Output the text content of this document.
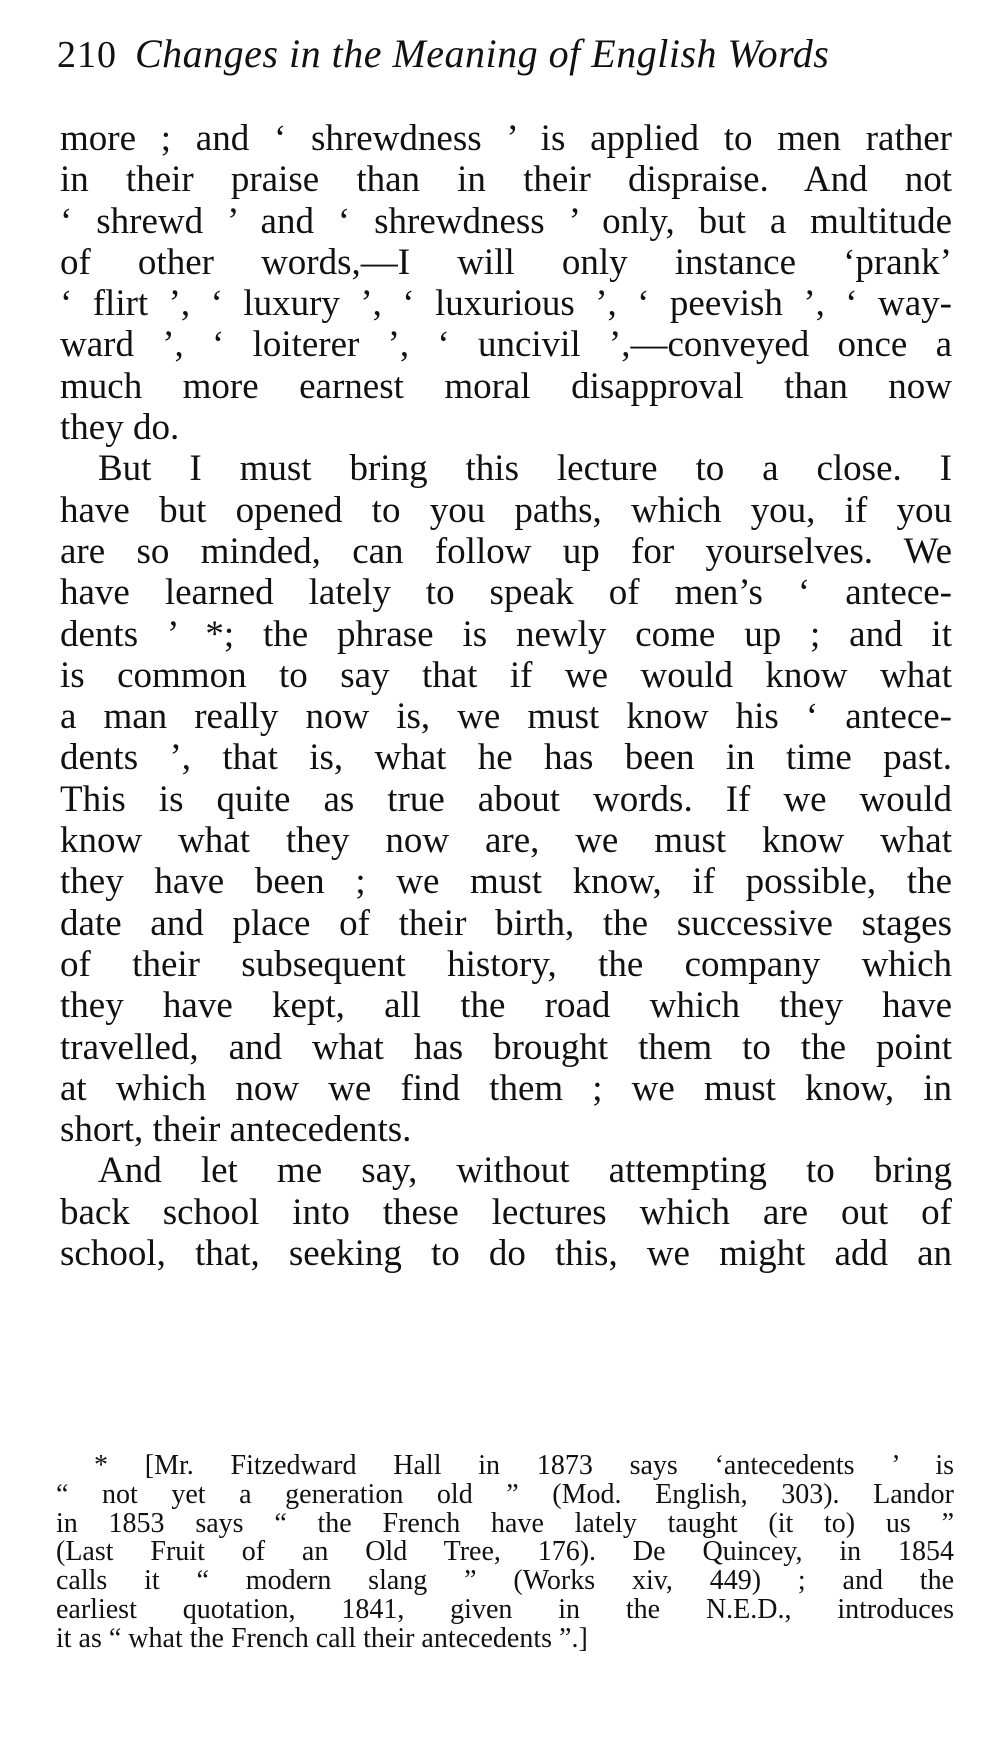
210 Changes in the Meaning of English Words
more ; and ‘ shrewdness ’ is applied to men rather
in their praise than in their dispraise. And not
‘ shrewd ’ and ‘ shrewdness ’ only, but a multitude
of other words,—I will only instance ‘prank’
‘ flirt ’, ‘ luxury ’, ‘ luxurious ’, ‘ peevish ’, ‘ way-
ward ’, ‘ loiterer ’, ‘ uncivil ’,—conveyed once a
much more earnest moral disapproval than now
they do.
But I must bring this lecture to a close. I
have but opened to you paths, which you, if you
are so minded, can follow up for yourselves. We
have learned lately to speak of men’s ‘ antece-
dents ’ *; the phrase is newly come up ; and it
is common to say that if we would know what
a man really now is, we must know his ‘ antece-
dents ’, that is, what he has been in time past.
This is quite as true about words. If we would
know what they now are, we must know what
they have been ; we must know, if possible, the
date and place of their birth, the successive stages
of their subsequent history, the company which
they have kept, all the road which they have
travelled, and what has brought them to the point
at which now we find them ; we must know, in
short, their antecedents.
And let me say, without attempting to bring
back school into these lectures which are out of
school, that, seeking to do this, we might add an
* [Mr. Fitzedward Hall in 1873 says ‘antecedents ’ is
“ not yet a generation old ” (Mod. English, 303). Landor
in 1853 says “ the French have lately taught (it to) us ”
(Last Fruit of an Old Tree, 176). De Quincey, in 1854
calls it “ modern slang ” (Works xiv, 449) ; and the
earliest quotation, 1841, given in the N.E.D., introduces
it as “ what the French call their antecedents ”.]
